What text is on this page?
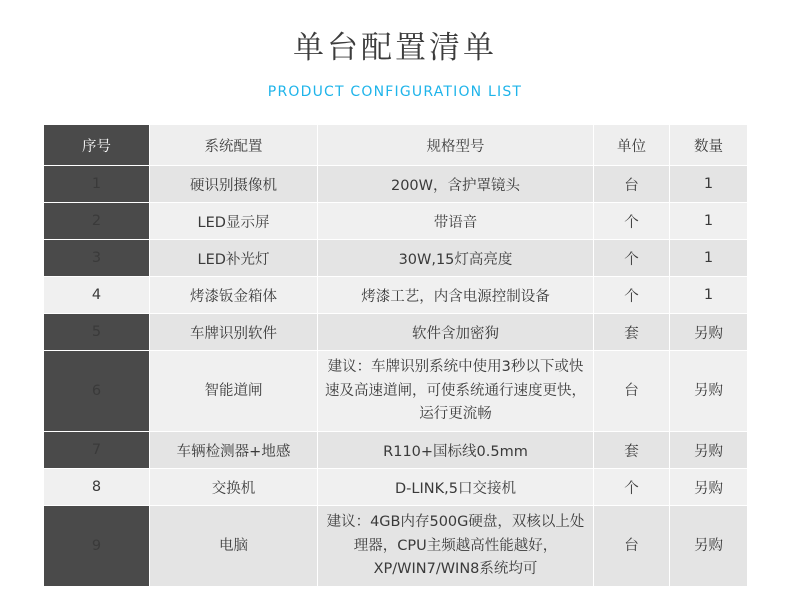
单台配置清单
PRODUCT CONFIGURATION LIST
序号	系统配置	规格型号	单位	数量
1	硬识别摄像机	200W，含护罩镜头	台	1
2	LED显示屏	带语音	个	1
3	LED补光灯	30W,15灯高亮度	个	1
4	烤漆钣金箱体	烤漆工艺，内含电源控制设备	个	1
5	车牌识别软件	软件含加密狗	套	另购
6	智能道闸	建议：车牌识别系统中使用3秒以下或快速及高速道闸，可使系统通行速度更快，运行更流畅	台	另购
7	车辆检测器+地感	R110+国标线0.5mm	套	另购
8	交换机	D-LINK,5口交接机	个	另购
9	电脑	建议：4GB内存500G硬盘，双核以上处理器，CPU主频越高性能越好，XP/WIN7/WIN8系统均可	台	另购
